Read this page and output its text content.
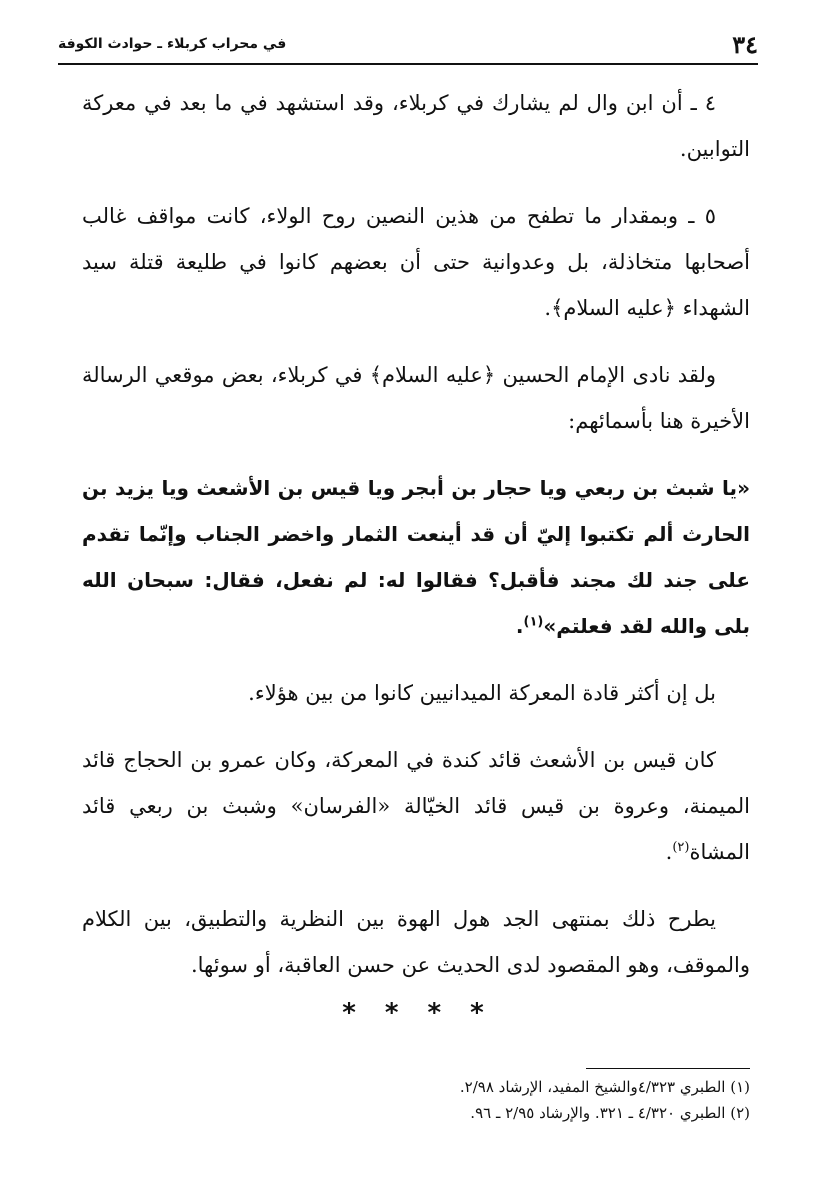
٣٤
في محراب كربلاء ـ حوادث الكوفة

٤ ـ أن ابن وال لم يشارك في كربلاء، وقد استشهد في ما بعد في معركة التوابين.

٥ ـ وبمقدار ما تطفح من هذين النصين روح الولاء، كانت مواقف غالب أصحابها متخاذلة، بل وعدوانية حتى أن بعضهم كانوا في طليعة قتلة سيد الشهداء ﴿عليه السلام﴾.

ولقد نادى الإمام الحسين ﴿عليه السلام﴾ في كربلاء، بعض موقعي الرسالة الأخيرة هنا بأسمائهم:

«يا شبث بن ربعي ويا حجار بن أبجر ويا قيس بن الأشعث ويا يزيد بن الحارث ألم تكتبوا إليّ أن قد أينعت الثمار واخضر الجناب وإنّما تقدم على جند لك مجند فأقبل؟ فقالوا له: لم نفعل، فقال: سبحان الله بلى والله لقد فعلتم»$^{(١)}$.

بل إن أكثر قادة المعركة الميدانيين كانوا من بين هؤلاء.

كان قيس بن الأشعث قائد كندة في المعركة، وكان عمرو بن الحجاج قائد الميمنة، وعروة بن قيس قائد الخيّالة «الفرسان» وشبث بن ربعي قائد المشاة$^{(٢)}$.

يطرح ذلك بمنتهى الجد هول الهوة بين النظرية والتطبيق، بين الكلام والموقف، وهو المقصود لدى الحديث عن حسن العاقبة، أو سوئها.

* * * *
(١) الطبري ٤/٣٢٣والشيخ المفيد، الإرشاد ٢/٩٨.
(٢) الطبري ٤/٣٢٠ ـ ٣٢١. والإرشاد ٢/٩٥ ـ ٩٦.
